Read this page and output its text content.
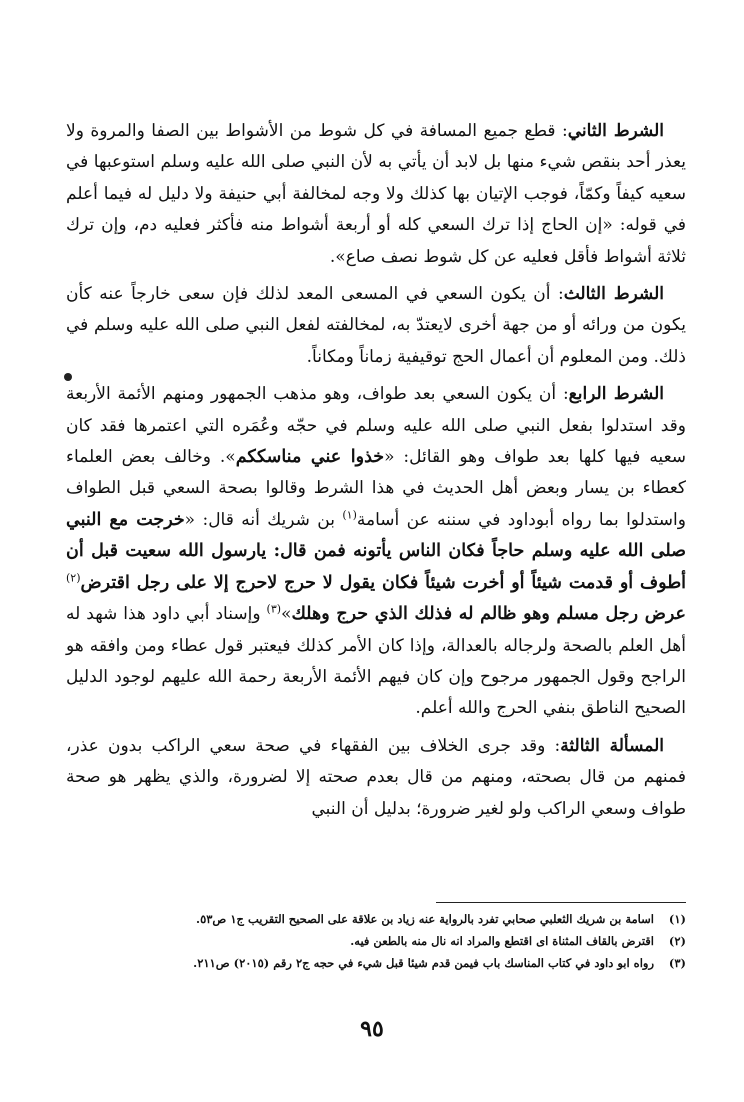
الشرط الثاني: قطع جميع المسافة في كل شوط من الأشواط بين الصفا والمروة ولا يعذر أحد بنقص شيء منها بل لابد أن يأتي به لأن النبي صلى الله عليه وسلم استوعبها في سعيه كيفاً وكمّاً، فوجب الإتيان بها كذلك ولا وجه لمخالفة أبي حنيفة ولا دليل له فيما أعلم في قوله: «إن الحاج إذا ترك السعي كله أو أربعة أشواط منه فأكثر فعليه دم، وإن ترك ثلاثة أشواط فأقل فعليه عن كل شوط نصف صاع».

الشرط الثالث: أن يكون السعي في المسعى المعد لذلك فإن سعى خارجاً عنه كأن يكون من ورائه أو من جهة أخرى لايعتدّ به، لمخالفته لفعل النبي صلى الله عليه وسلم في ذلك. ومن المعلوم أن أعمال الحج توقيفية زماناً ومكاناً.

الشرط الرابع: أن يكون السعي بعد طواف، وهو مذهب الجمهور ومنهم الأئمة الأربعة وقد استدلوا بفعل النبي صلى الله عليه وسلم في حجّه وعُمَره التي اعتمرها فقد كان سعيه فيها كلها بعد طواف وهو القائل: «خذوا عني مناسككم». وخالف بعض العلماء كعطاء بن يسار وبعض أهل الحديث في هذا الشرط وقالوا بصحة السعي قبل الطواف واستدلوا بما رواه أبوداود في سننه عن أسامة$^{(١)}$ بن شريك أنه قال: «خرجت مع النبي صلى الله عليه وسلم حاجاً فكان الناس يأتونه فمن قال: يارسول الله سعيت قبل أن أطوف أو قدمت شيئاً أو أخرت شيئاً فكان يقول لا حرج لاحرج إلا على رجل اقترض$^{(٢)}$ عرض رجل مسلم وهو ظالم له فذلك الذي حرج وهلك»$^{(٣)}$ وإسناد أبي داود هذا شهد له أهل العلم بالصحة ولرجاله بالعدالة، وإذا كان الأمر كذلك فيعتبر قول عطاء ومن وافقه هو الراجح وقول الجمهور مرجوح وإن كان فيهم الأئمة الأربعة رحمة الله عليهم لوجود الدليل الصحيح الناطق بنفي الحرج والله أعلم.

المسألة الثالثة: وقد جرى الخلاف بين الفقهاء في صحة سعي الراكب بدون عذر، فمنهم من قال بصحته، ومنهم من قال بعدم صحته إلا لضرورة، والذي يظهر هو صحة طواف وسعي الراكب ولو لغير ضرورة؛ بدليل أن النبي

(١)
اسامة بن شريك الثعلبي صحابي تفرد بالرواية عنه زياد بن علاقة على الصحيح التقريب ج١ ص٥٣.
(٢)
اقترض بالقاف المثناة اى اقتطع والمراد انه نال منه بالطعن فيه.
(٣)
رواه ابو داود في كتاب المناسك باب فيمن قدم شيئا قبل شيء في حجه ج٢ رقم (٢٠١٥) ص٢١١.
٩٥
